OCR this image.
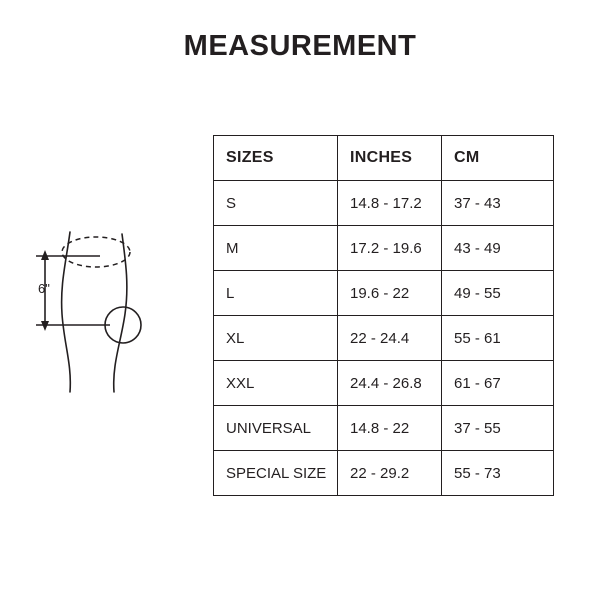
MEASUREMENT
6"
SIZES	INCHES	CM
S	14.8 - 17.2	37 - 43
M	17.2 - 19.6	43 - 49
L	19.6 - 22	49 - 55
XL	22 - 24.4	55 - 61
XXL	24.4 - 26.8	61 - 67
UNIVERSAL	14.8 - 22	37 - 55
SPECIAL SIZE	22 - 29.2	55 - 73
